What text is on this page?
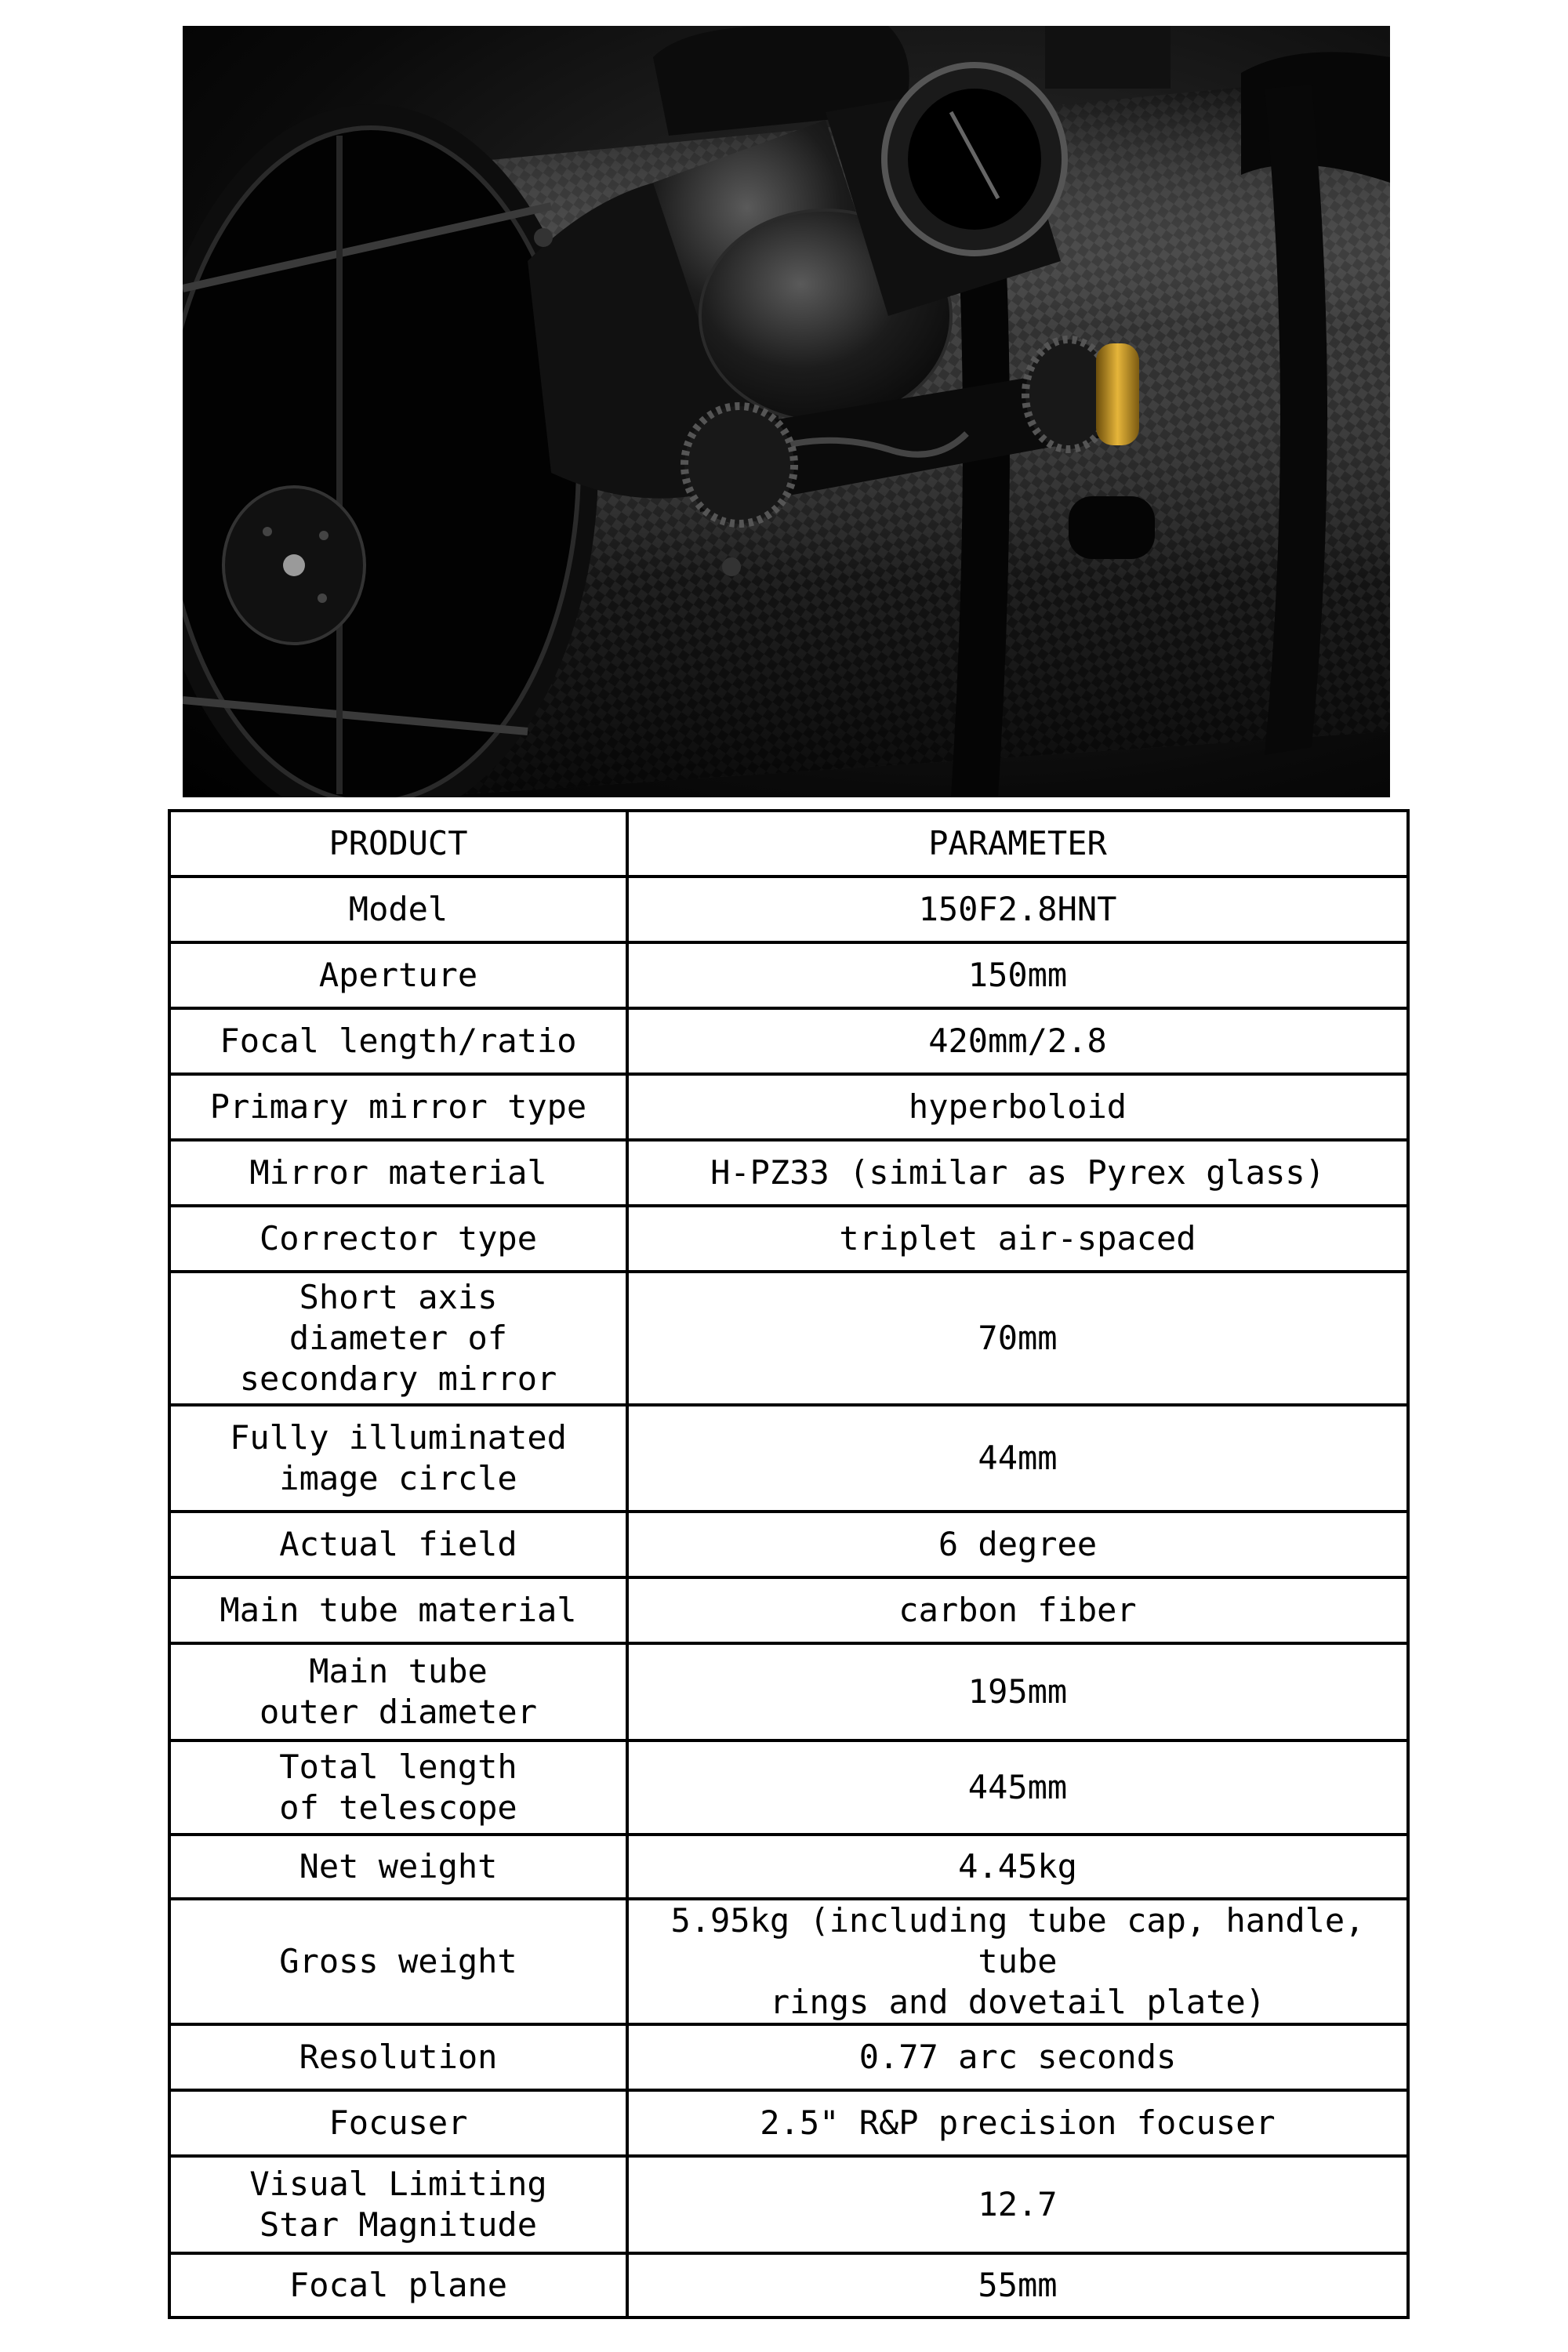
PRODUCT	PARAMETER
Model	150F2.8HNT
Aperture	150mm
Focal length/ratio	420mm/2.8
Primary mirror type	hyperboloid
Mirror material	H-PZ33 (similar as Pyrex glass)
Corrector type	triplet air-spaced
Short axis
diameter of
secondary mirror	70mm
Fully illuminated
image circle	44mm
Actual field	6 degree
Main tube material	carbon fiber
Main tube
outer diameter	195mm
Total length
of telescope	445mm
Net weight	4.45kg
Gross weight	5.95kg (including tube cap, handle, tube
rings and dovetail plate)
Resolution	0.77 arc seconds
Focuser	2.5" R&P precision focuser
Visual Limiting
Star Magnitude	12.7
Focal plane	55mm
